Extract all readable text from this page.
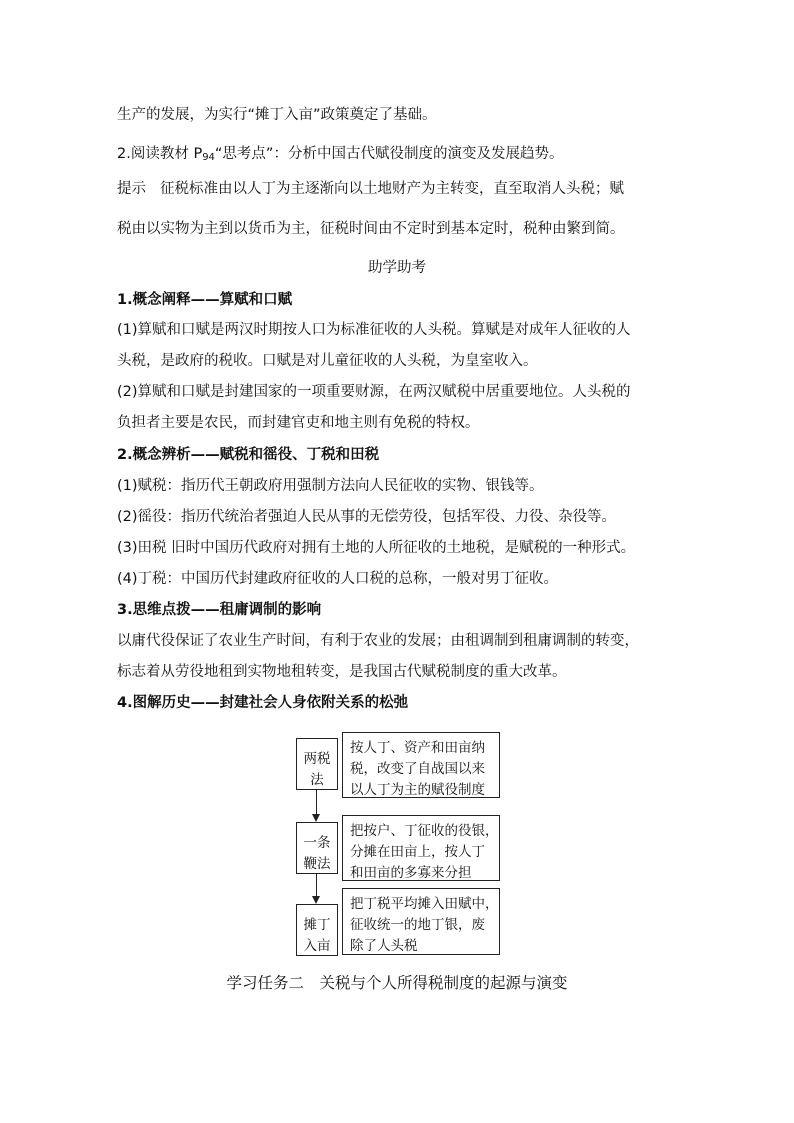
生产的发展，为实行“摊丁入亩”政策奠定了基础。
2.阅读教材 $P_{94}“$思考点”：分析中国古代赋役制度的演变及发展趋势。
提示 征税标准由以人丁为主逐渐向以土地财产为主转变，直至取消人头税；赋
税由以实物为主到以货币为主，征税时间由不定时到基本定时，税种由繁到简。
助学助考
1.概念阐释——算赋和口赋
(1)算赋和口赋是两汉时期按人口为标准征收的人头税。算赋是对成年人征收的人
头税，是政府的税收。口赋是对儿童征收的人头税，为皇室收入。
(2)算赋和口赋是封建国家的一项重要财源，在两汉赋税中居重要地位。人头税的
负担者主要是农民，而封建官吏和地主则有免税的特权。
2.概念辨析——赋税和徭役、丁税和田税
(1)赋税：指历代王朝政府用强制方法向人民征收的实物、银钱等。
(2)徭役：指历代统治者强迫人民从事的无偿劳役，包括军役、力役、杂役等。
(3)田税 旧时中国历代政府对拥有土地的人所征收的土地税，是赋税的一种形式。
(4)丁税：中国历代封建政府征收的人口税的总称，一般对男丁征收。
3.思维点拨——租庸调制的影响
以庸代役保证了农业生产时间，有利于农业的发展；由租调制到租庸调制的转变，
标志着从劳役地租到实物地租转变，是我国古代赋税制度的重大改革。
4.图解历史——封建社会人身依附关系的松弛
两税
法
按人丁、资产和田亩纳
税，改变了自战国以来
以人丁为主的赋役制度
一条
鞭法
把按户、丁征收的役银，
分摊在田亩上，按人丁
和田亩的多寡来分担
摊丁
入亩
把丁税平均摊入田赋中，
征收统一的地丁银，废
除了人头税
学习任务二　关税与个人所得税制度的起源与演变
